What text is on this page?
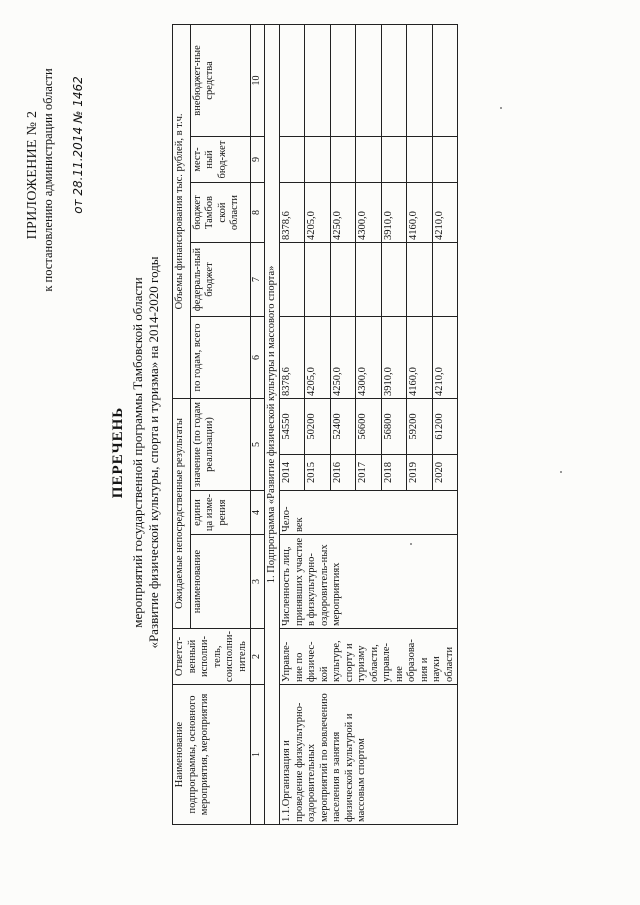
ПРИЛОЖЕНИЕ № 2 к постановлению администрации области от 28.11.2014 № 1462
ПЕРЕЧЕНЬ мероприятий государственной программы Тамбовской области «Развитие физической культуры, спорта и туризма» на 2014-2020 годы
Наименование подпрограммы, основного мероприятия, мероприятия	Ответст-венный исполни-тель, соисполни-нитель	Ожидаемые непосредственные результаты				Объемы финансирования тыс. рублей, в т.ч.				
		наименование	едини ца изме-рения	значение (по годам реализации)		по годам, всего	федераль-ный бюджет	бюджет Тамбов ской области	мест-ный бюд-жет	внебюджет-ные средства
1	2	3	4	5		6	7	8	9	10
1. Подпрограмма «Развитие физической культуры и массового спорта»										
1.1.Организация и проведение физкультурно-оздоровительных мероприятий по вовлечению населения в занятия физической культурой и массовым спортом	Управле-ние по физичес-кой культуре, спорту и туризму области, управле-ние образова-ния и науки области	Численность лиц, принявших участие в физкультурно-оздоровитель-ных мероприятиях	Чело-век	2014	54550	8378,6		8378,6		
				2015	50200	4205,0		4205,0		
				2016	52400	4250,0		4250,0		
				2017	56600	4300,0		4300,0		
				2018	56800	3910,0		3910,0		
				2019	59200	4160,0		4160,0		
				2020	61200	4210,0		4210,0		
